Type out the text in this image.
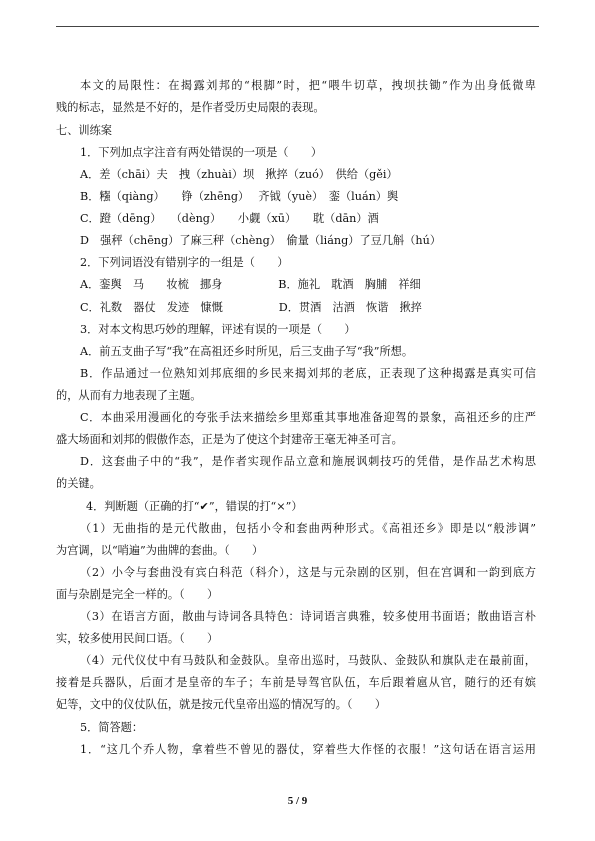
本文的局限性：在揭露刘邦的“根脚”时，把“喂牛切草，拽坝扶锄”作为出身低微卑
贱的标志，显然是不好的，是作者受历史局限的表现。
七、训练案
1．下列加点字注音有两处错误的一项是（　　）
A．差（chāi）夫　拽（zhuài）坝　揪捽（zuó）　供给（gěi）
B．糨（qiàng）　　铮（zhēng）　 齐钺（yuè）　銮（luán）舆
C．蹬（dēng）　 （dèng）　　小觑（xū）　　耽（dān）酒
D　强秤（chēng）了麻三秤（chèng）　偷量（liáng）了豆几斛（hú）
2．下列词语没有错别字的一组是（　　）
A．銮舆　马　　妆梳　挪身　　　　　B．施礼　耽酒　胸脯　祥细
C．礼数　器仗　发迹　慷慨　　　　　D．贯酒　沽酒　恢谐　揪捽
3．对本文构思巧妙的理解，评述有误的一项是（　　）
A．前五支曲子写“我”在高祖还乡时所见，后三支曲子写“我”所想。
B．作品通过一位熟知刘邦底细的乡民来揭刘邦的老底，正表现了这种揭露是真实可信
的，从而有力地表现了主题。
C．本曲采用漫画化的夸张手法来描绘乡里郑重其事地准备迎驾的景象，高祖还乡的庄严
盛大场面和刘邦的假傲作态，正是为了使这个封建帝王毫无神圣可言。
D．这套曲子中的“我”，是作者实现作品立意和施展讽刺技巧的凭借，是作品艺术构思
的关键。
4．判断题（正确的打“✔”，错误的打“×”）
（1）无曲指的是元代散曲，包括小令和套曲两种形式。《高祖还乡》即是以“般涉调”
为宫调，以“哨遍”为曲牌的套曲。（　　）
（2）小令与套曲没有宾白科范（科介），这是与元杂剧的区别，但在宫调和一韵到底方
面与杂剧是完全一样的。（　　）
（3）在语言方面，散曲与诗词各具特色：诗词语言典雅，较多使用书面语；散曲语言朴
实，较多使用民间口语。（　　）
（4）元代仪仗中有马鼓队和金鼓队。皇帝出巡时，马鼓队、金鼓队和旗队走在最前面，
接着是兵器队，后面才是皇帝的车子；车前是导驾官队伍，车后跟着扈从官，随行的还有嫔
妃等，文中的仪仗队伍，就是按元代皇帝出巡的情况写的。（　　）
5．简答题：
1．“这几个乔人物，拿着些不曾见的器仗，穿着些大作怪的衣服！”这句话在语言运用
5 / 9
